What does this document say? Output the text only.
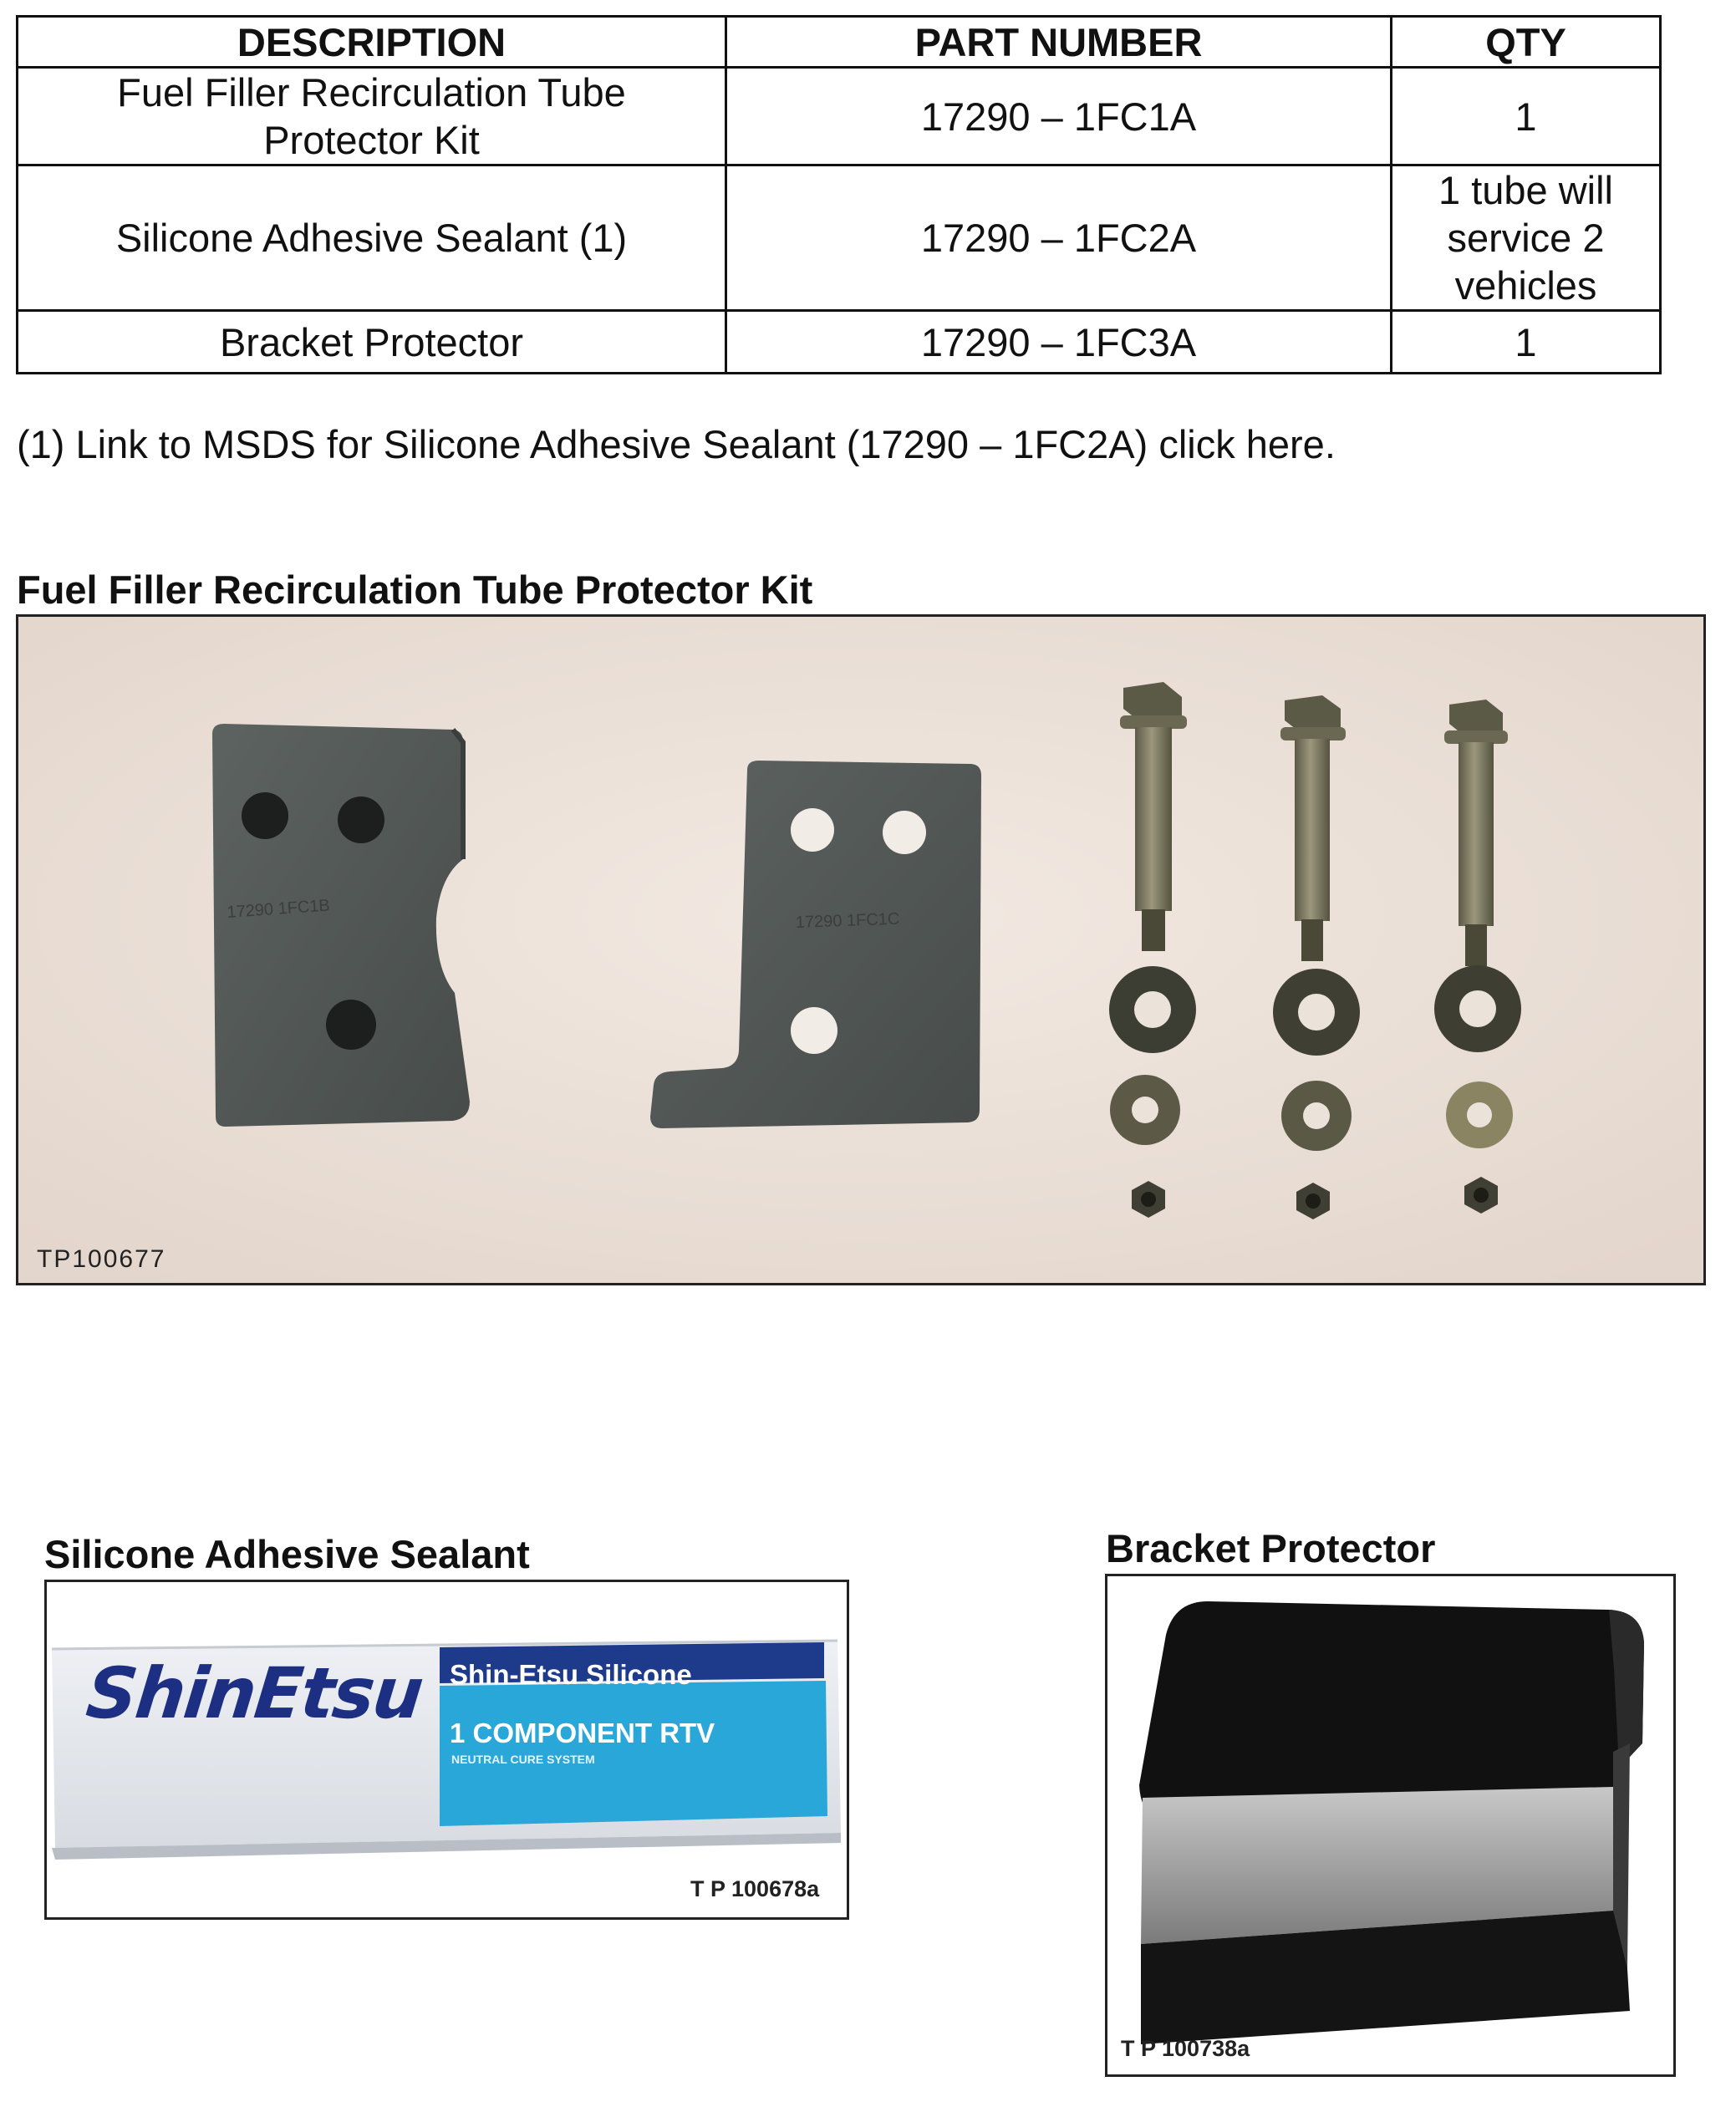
DESCRIPTION	PART NUMBER	QTY

Fuel Filler Recirculation Tube
Protector Kit	17290 – 1FC1A	1
Silicone Adhesive Sealant (1)	17290 – 1FC2A	1 tube will
service 2
vehicles

Bracket Protector	17290 – 1FC3A	1
(1) Link to MSDS for Silicone Adhesive Sealant (17290 – 1FC2A) click here.
Fuel Filler Recirculation Tube Protector Kit
17290 1FC1B	17290 1FC1C
TP100677
Silicone Adhesive Sealant
ShinEtsu Shin-Etsu Silicone
1 COMPONENT RTV
NEUTRAL CURE SYSTEM
T P 100678a
Bracket Protector
T P 100738a
